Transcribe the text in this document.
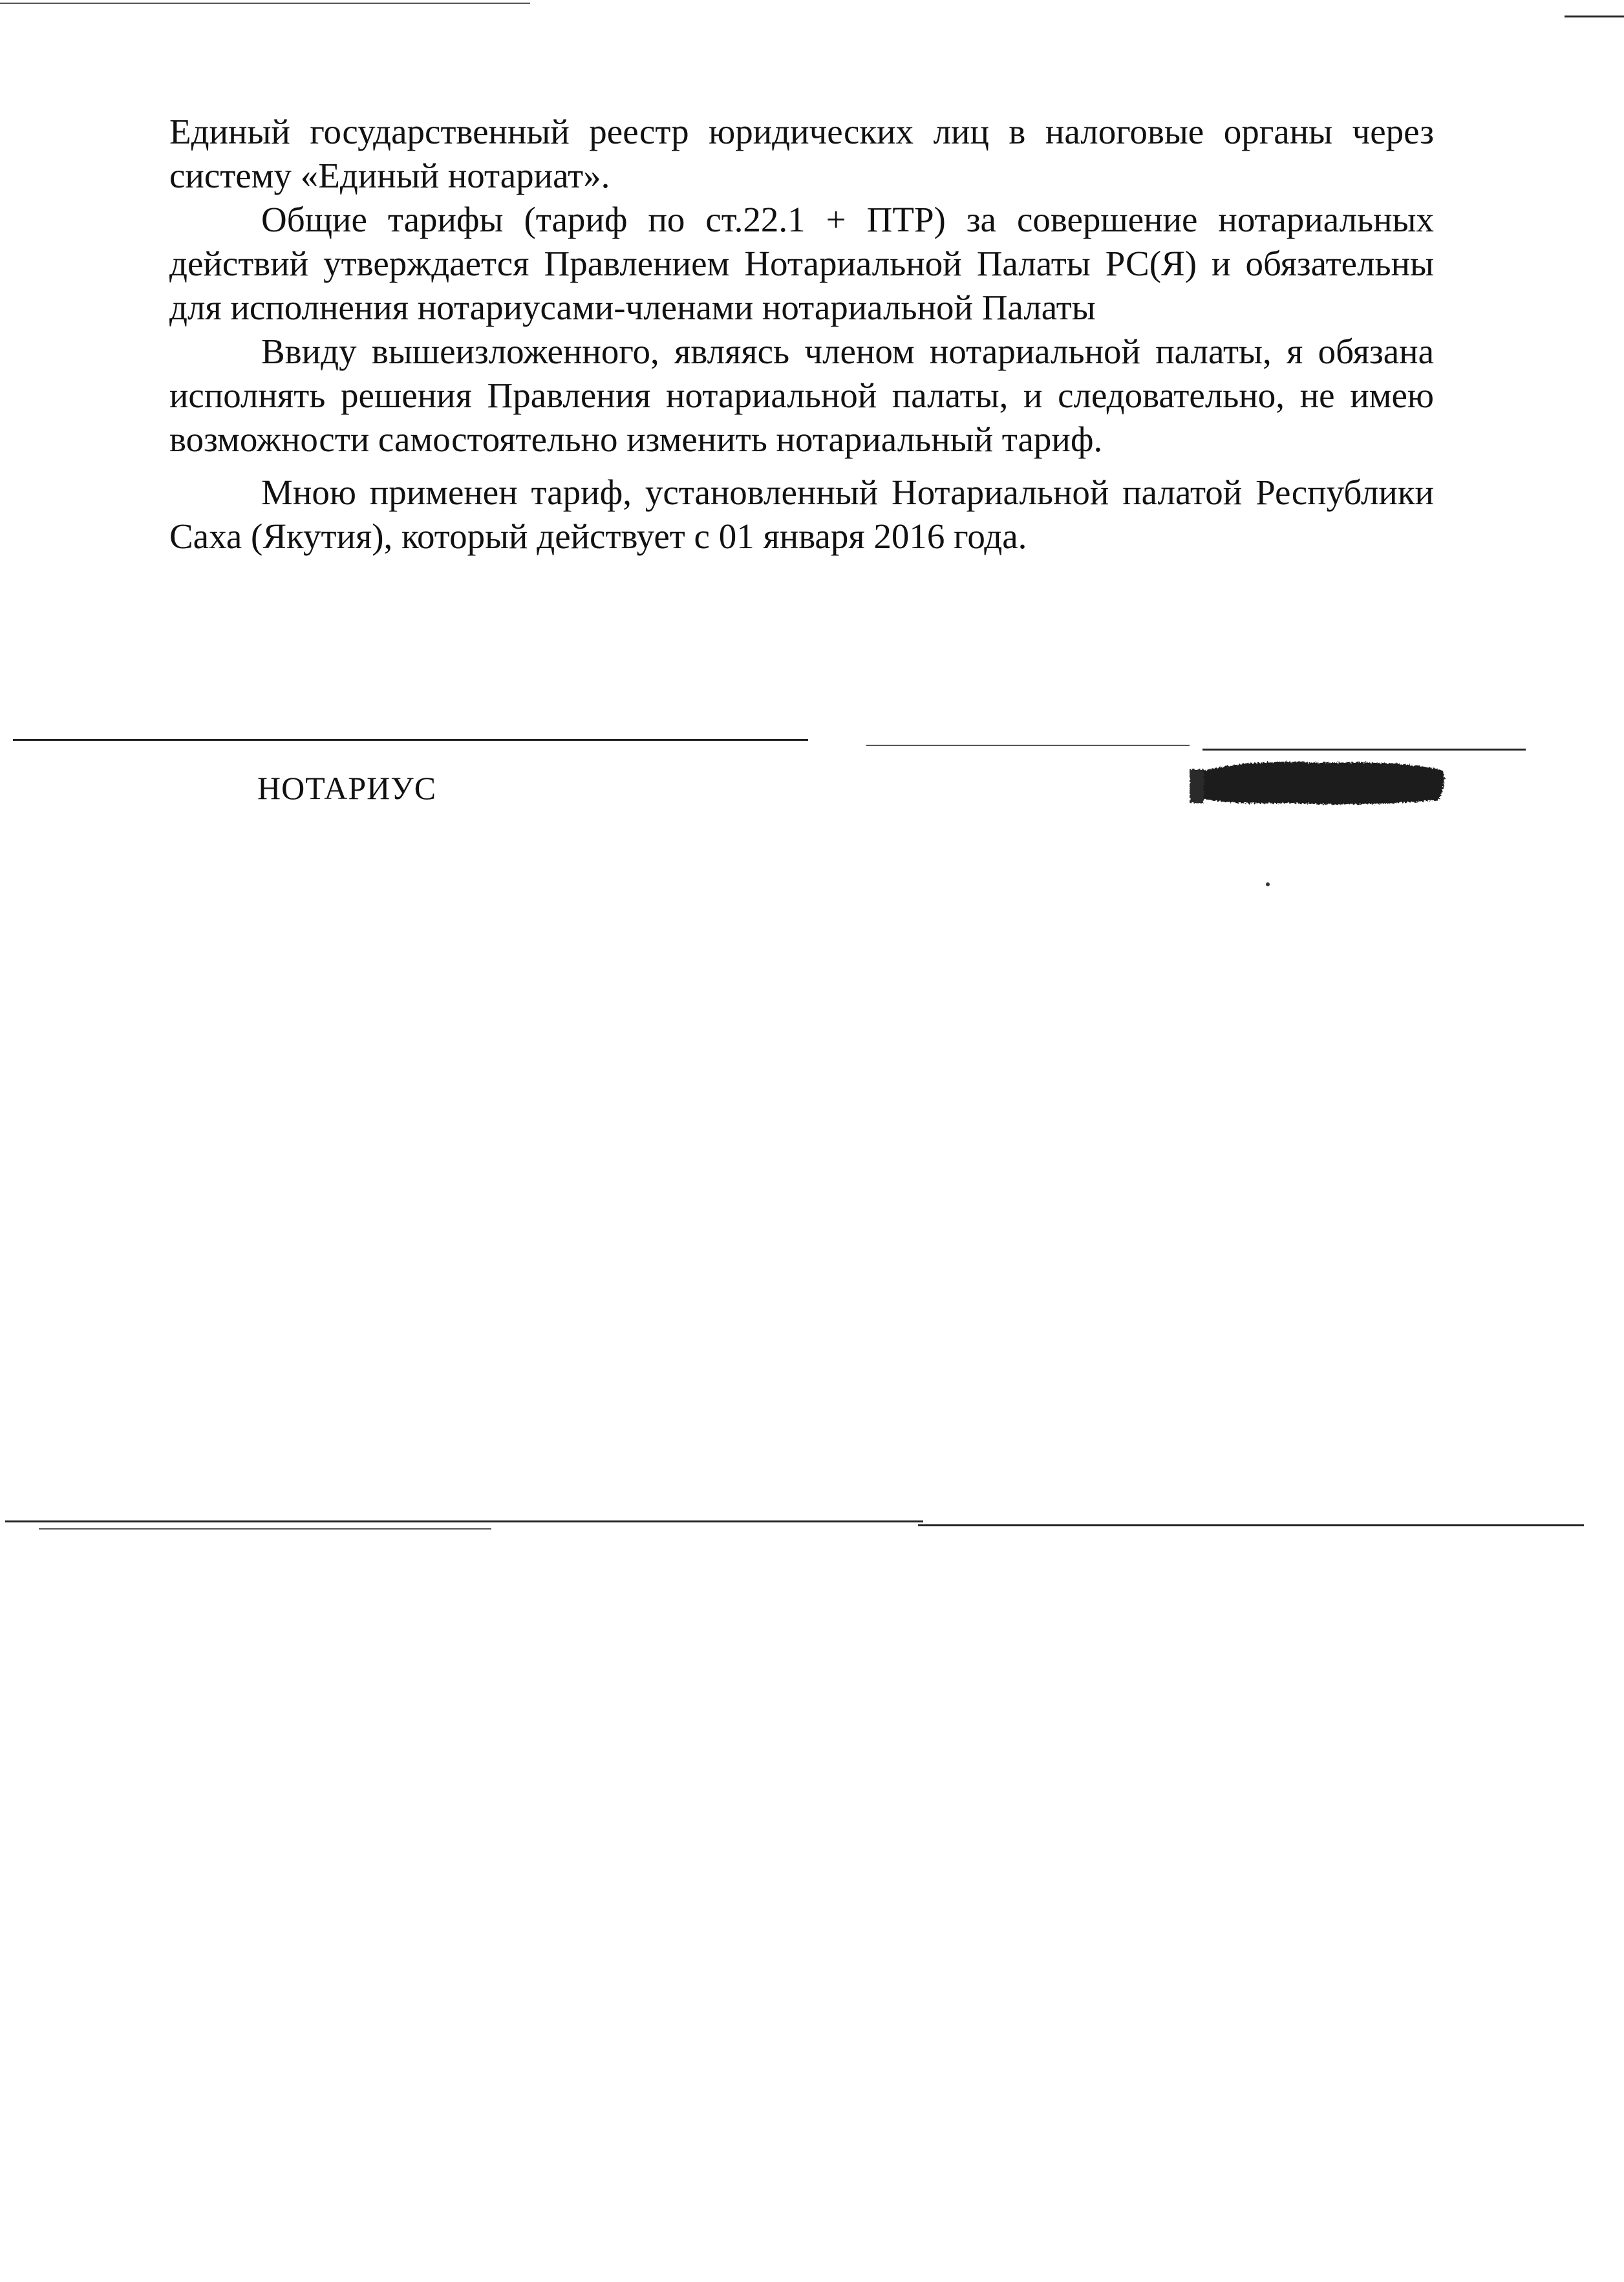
Единый государственный реестр юридических лиц в налоговые органы через систему «Единый нотариат».

Общие тарифы (тариф по ст.22.1 + ПТР) за совершение нотариальных действий утверждается Правлением Нотариальной Палаты РС(Я) и обязательны для исполнения нотариусами-членами нотариальной Палаты

Ввиду вышеизложенного, являясь членом нотариальной палаты, я обязана исполнять решения Правления нотариальной палаты, и следовательно, не имею возможности самостоятельно изменить нотариальный тариф.

Мною применен тариф, установленный Нотариальной палатой Республики Саха (Якутия), который действует с 01 января 2016 года.

НОТАРИУС
